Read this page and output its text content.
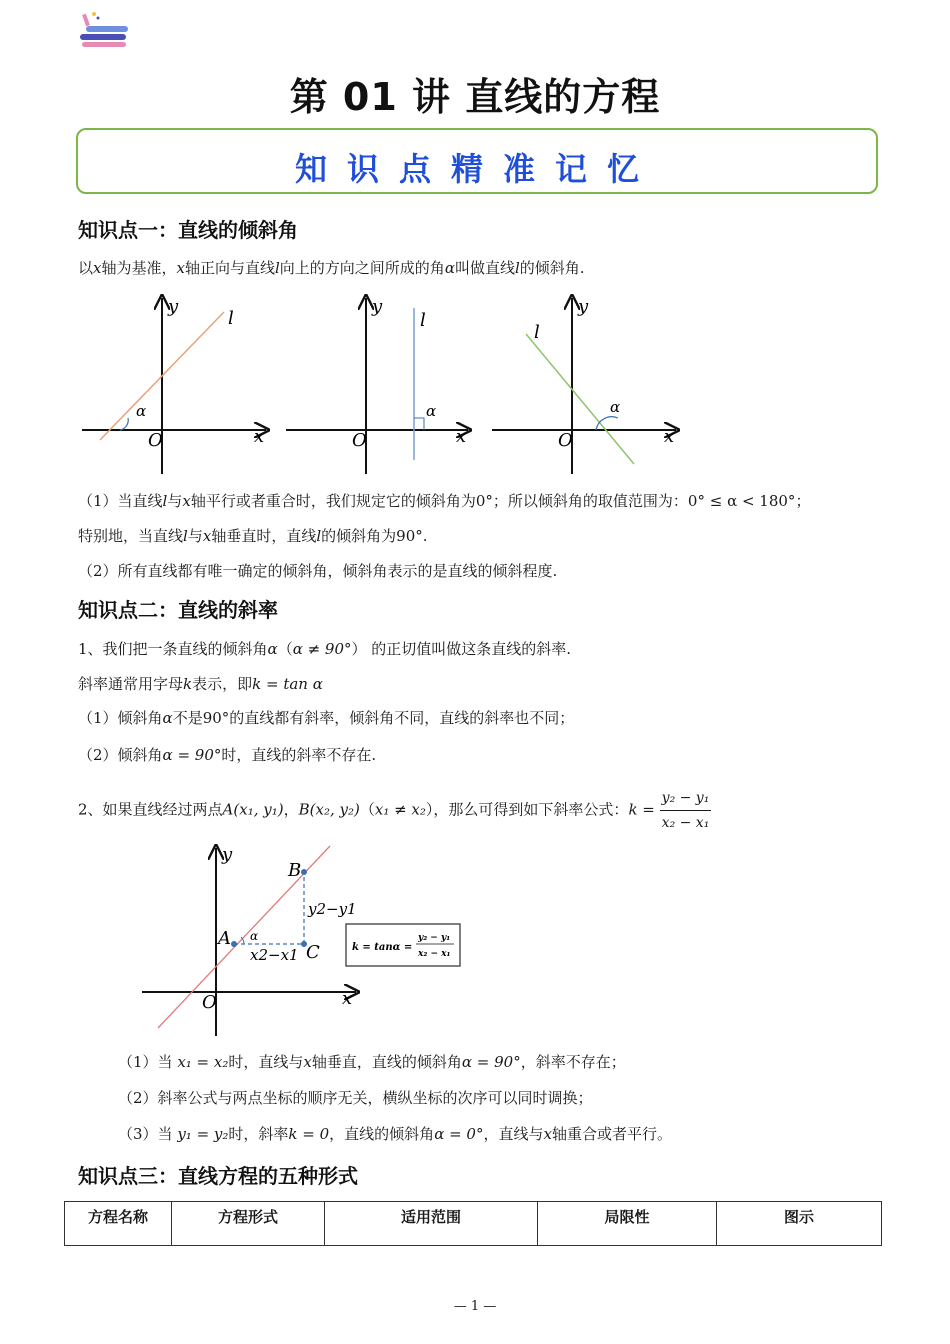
第 01 讲 直线的方程
知识点精准记忆
知识点一：直线的倾斜角
以x轴为基准，x轴正向与直线l向上的方向之间所成的角α叫做直线l的倾斜角.
y
l
α
O	x
y
l
α
O	x
y
l
α
O	x
（1）当直线l与x轴平行或者重合时，我们规定它的倾斜角为0°；所以倾斜角的取值范围为：0° ≤ α < 180°；
特别地，当直线l与x轴垂直时，直线l的倾斜角为90°.
（2）所有直线都有唯一确定的倾斜角，倾斜角表示的是直线的倾斜程度.
知识点二：直线的斜率
1、我们把一条直线的倾斜角α（α ≠ 90°） 的正切值叫做这条直线的斜率.
斜率通常用字母k表示，即k = tan α
（1）倾斜角α不是90°的直线都有斜率，倾斜角不同，直线的斜率也不同；
（2）倾斜角α = 90°时，直线的斜率不存在.
2、如果直线经过两点A(x₁, y₁)，B(x₂, y₂)（x₁ ≠ x₂），那么可得到如下斜率公式：$k = \frac{\text{y₂ − y₁}}{\text{x₂ − x₁}}$
y
x
O
A
B
C
α
y2−y1
x2−x1	k = tanα =
y₂ − y₁
x₂ − x₁
（1）当 x₁ = x₂时，直线与x轴垂直，直线的倾斜角α = 90°，斜率不存在；
（2）斜率公式与两点坐标的顺序无关，横纵坐标的次序可以同时调换；
（3）当 y₁ = y₂时，斜率k = 0，直线的倾斜角α = 0°，直线与x轴重合或者平行。
知识点三：直线方程的五种形式
方程名称	方程形式	适用范围	局限性	图示
— 1 —
